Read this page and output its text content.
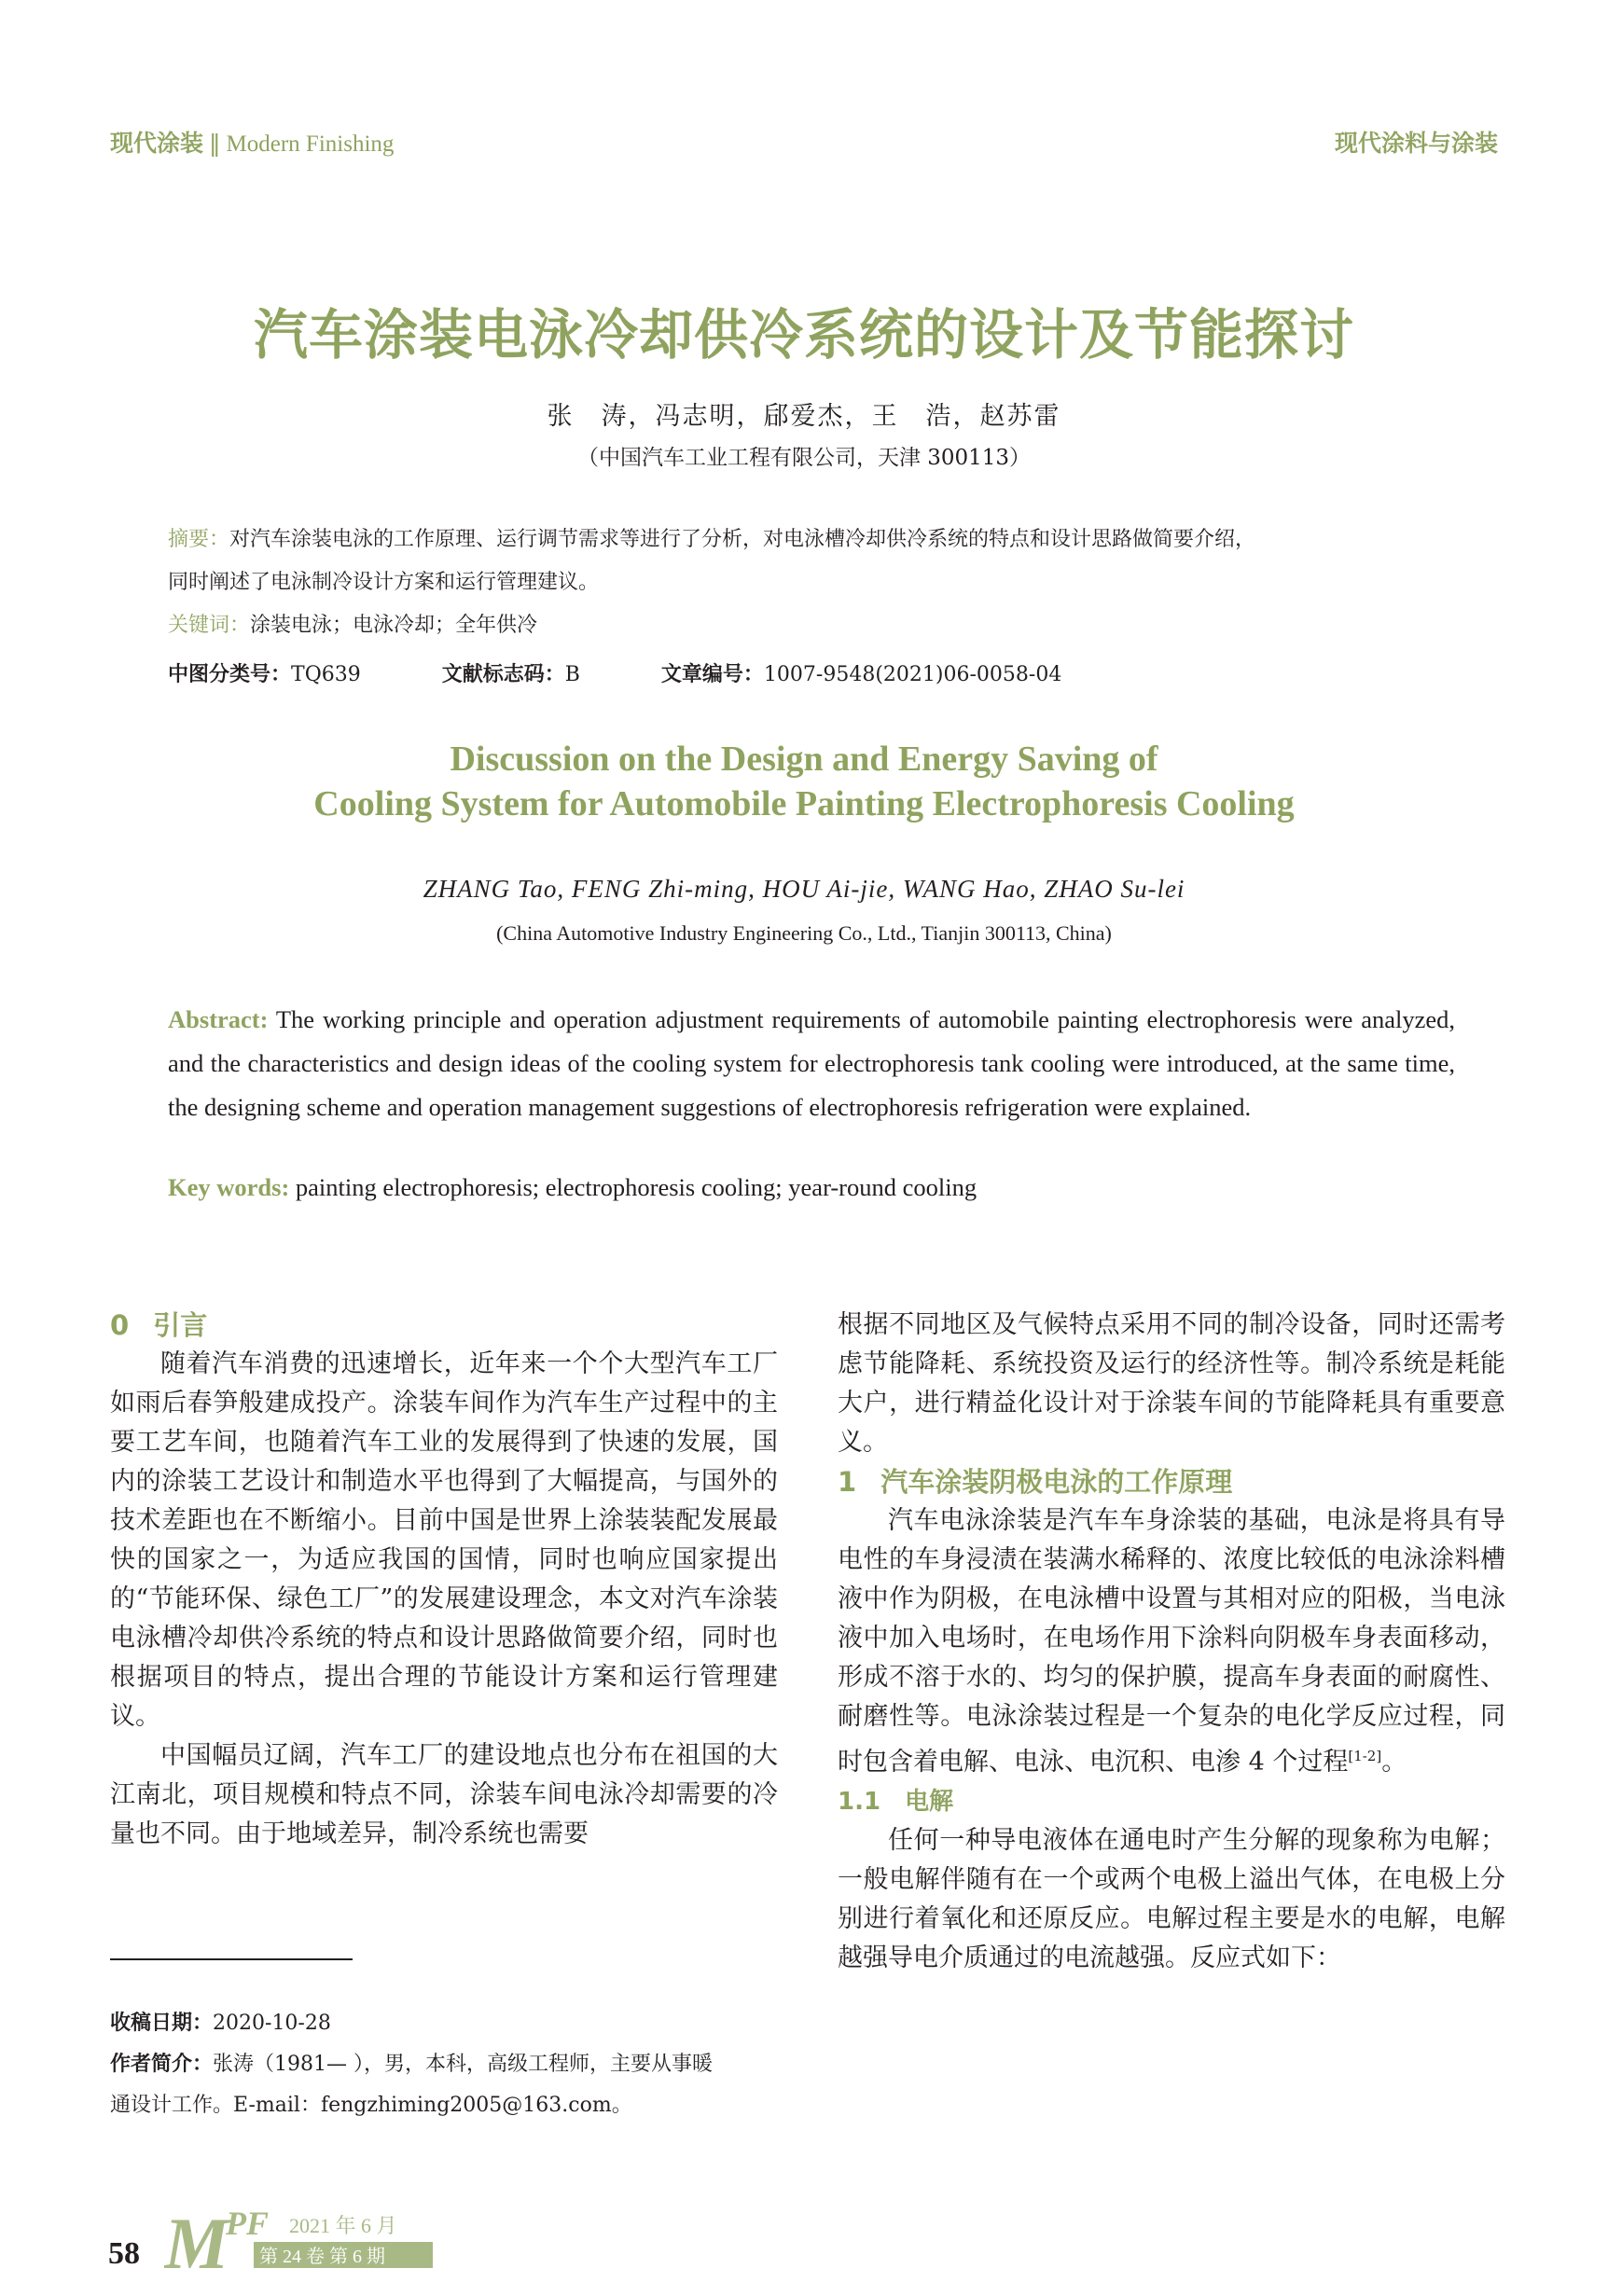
现代涂装 ‖ Modern Finishing	现代涂料与涂装
汽车涂装电泳冷却供冷系统的设计及节能探讨
张　涛，冯志明，郈爱杰，王　浩，赵苏雷
（中国汽车工业工程有限公司，天津 300113）
摘要：对汽车涂装电泳的工作原理、运行调节需求等进行了分析，对电泳槽冷却供冷系统的特点和设计思路做简要介绍，
同时阐述了电泳制冷设计方案和运行管理建议。
关键词：涂装电泳；电泳冷却；全年供冷
中图分类号：TQ639	文献标志码：B	文章编号：1007-9548(2021)06-0058-04
Discussion on the Design and Energy Saving of
Cooling System for Automobile Painting Electrophoresis Cooling
ZHANG Tao, FENG Zhi-ming, HOU Ai-jie, WANG Hao, ZHAO Su-lei
(China Automotive Industry Engineering Co., Ltd., Tianjin 300113, China)
Abstract: The working principle and operation adjustment requirements of automobile painting electrophoresis were analyzed, and the characteristics and design ideas of the cooling system for electrophoresis tank cooling were introduced, at the same time, the designing scheme and operation management suggestions of electrophoresis refrigeration were explained.
Key words: painting electrophoresis; electrophoresis cooling; year-round cooling

0 引言

随着汽车消费的迅速增长，近年来一个个大型汽车工厂如雨后春笋般建成投产。涂装车间作为汽车生产过程中的主要工艺车间，也随着汽车工业的发展得到了快速的发展，国内的涂装工艺设计和制造水平也得到了大幅提高，与国外的技术差距也在不断缩小。目前中国是世界上涂装装配发展最快的国家之一，为适应我国的国情，同时也响应国家提出的“节能环保、绿色工厂”的发展建设理念，本文对汽车涂装电泳槽冷却供冷系统的特点和设计思路做简要介绍，同时也根据项目的特点，提出合理的节能设计方案和运行管理建议。

中国幅员辽阔，汽车工厂的建设地点也分布在祖国的大江南北，项目规模和特点不同，涂装车间电泳冷却需要的冷量也不同。由于地域差异，制冷系统也需要

根据不同地区及气候特点采用不同的制冷设备，同时还需考虑节能降耗、系统投资及运行的经济性等。制冷系统是耗能大户，进行精益化设计对于涂装车间的节能降耗具有重要意义。

1 汽车涂装阴极电泳的工作原理

汽车电泳涂装是汽车车身涂装的基础，电泳是将具有导电性的车身浸渍在装满水稀释的、浓度比较低的电泳涂料槽液中作为阴极，在电泳槽中设置与其相对应的阳极，当电泳液中加入电场时，在电场作用下涂料向阴极车身表面移动，形成不溶于水的、均匀的保护膜，提高车身表面的耐腐性、耐磨性等。电泳涂装过程是一个复杂的电化学反应过程，同时包含着电解、电泳、电沉积、电渗 4 个过程[1-2]。

1.1 电解

任何一种导电液体在通电时产生分解的现象称为电解；一般电解伴随有在一个或两个电极上溢出气体，在电极上分别进行着氧化和还原反应。电解过程主要是水的电解，电解越强导电介质通过的电流越强。反应式如下：

收稿日期：2020-10-28
作者简介：张涛（1981— ），男，本科，高级工程师，主要从事暖
通设计工作。E-mail：fengzhiming2005@163.com。
58 M
PF 2021 年 6 月
第 24 卷 第 6 期
